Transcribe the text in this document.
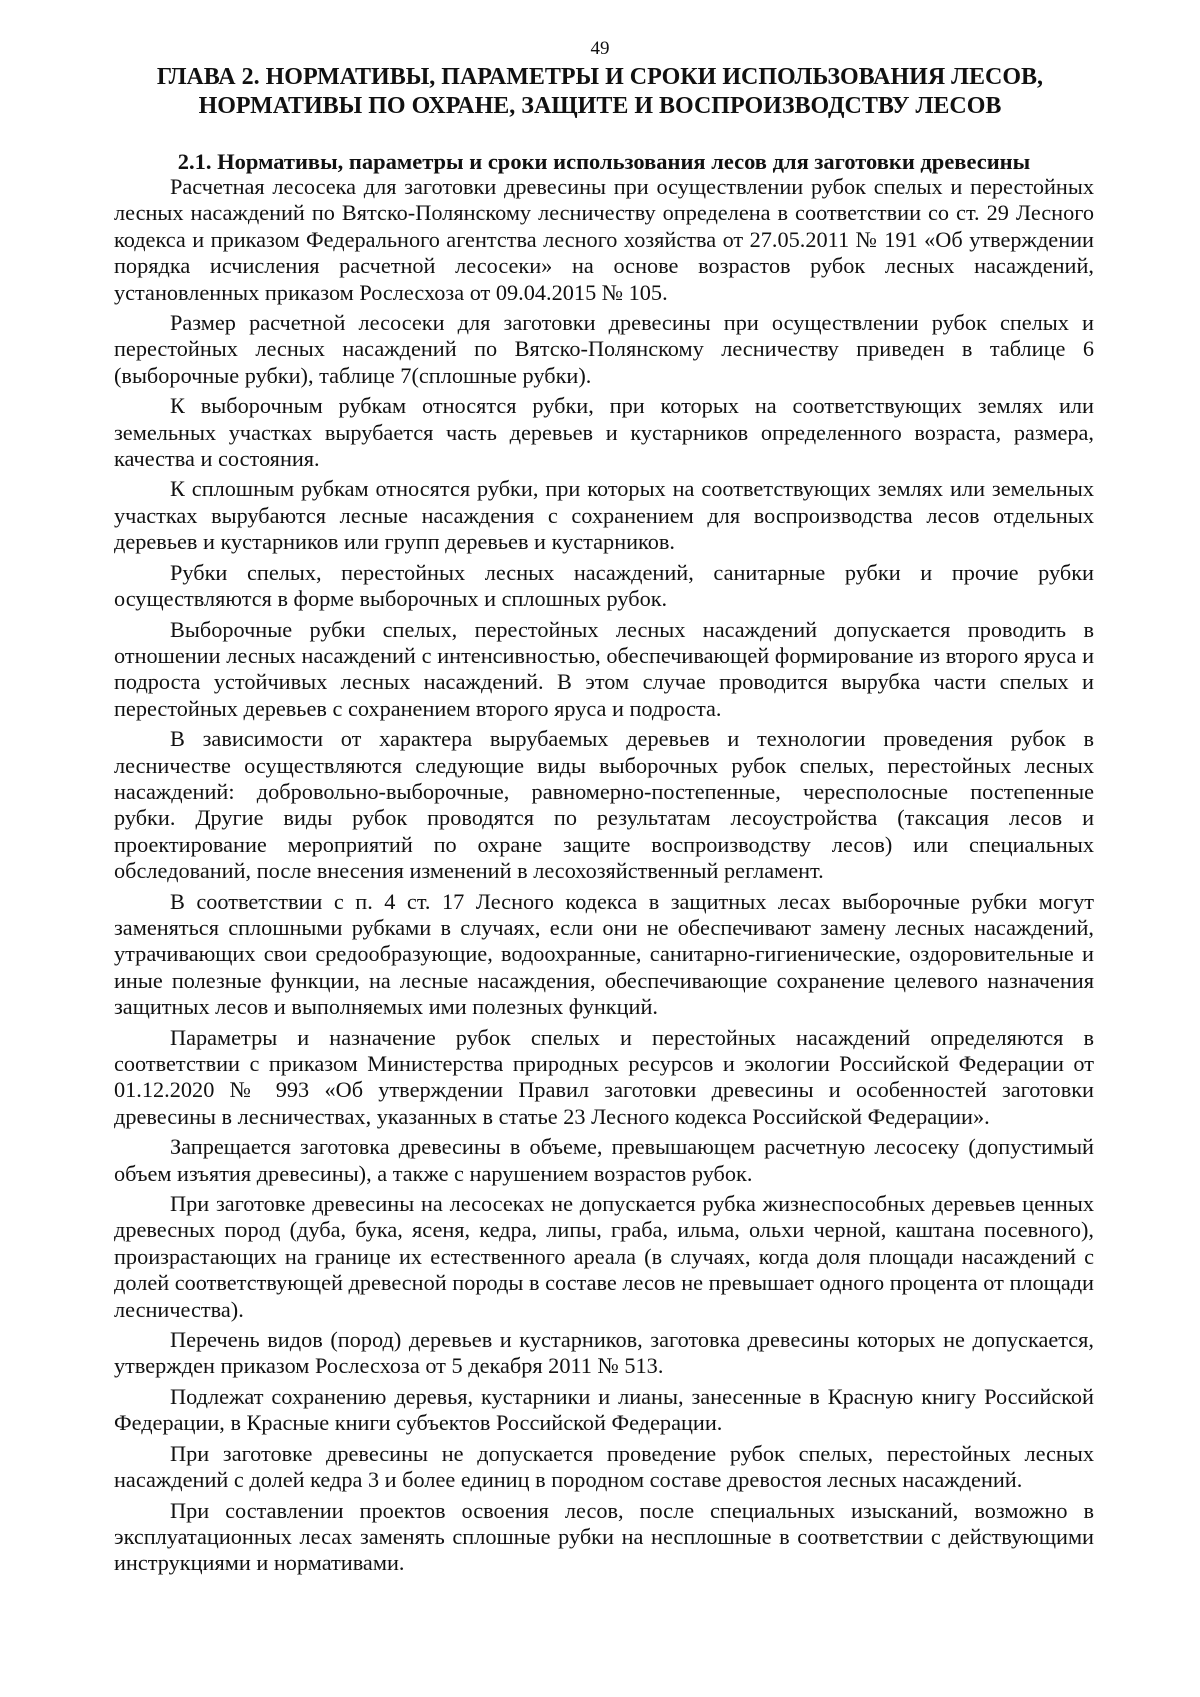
49
ГЛАВА 2. НОРМАТИВЫ, ПАРАМЕТРЫ И СРОКИ ИСПОЛЬЗОВАНИЯ ЛЕСОВ,
НОРМАТИВЫ ПО ОХРАНЕ, ЗАЩИТЕ И ВОСПРОИЗВОДСТВУ ЛЕСОВ
2.1. Нормативы, параметры и сроки использования лесов для заготовки древесины

Расчетная лесосека для заготовки древесины при осуществлении рубок спелых и перестойных лесных насаждений по Вятско-Полянскому лесничеству определена в соответствии со ст. 29 Лесного кодекса и приказом Федерального агентства лесного хозяйства от 27.05.2011 № 191 «Об утверждении порядка исчисления расчетной лесосеки» на основе возрастов рубок лесных насаждений, установленных приказом Рослесхоза от 09.04.2015 № 105.

Размер расчетной лесосеки для заготовки древесины при осуществлении рубок спелых и перестойных лесных насаждений по Вятско-Полянскому лесничеству приведен в таблице 6 (выборочные рубки), таблице 7(сплошные рубки).

К выборочным рубкам относятся рубки, при которых на соответствующих землях или земельных участках вырубается часть деревьев и кустарников определенного возраста, размера, качества и состояния.

К сплошным рубкам относятся рубки, при которых на соответствующих землях или земельных участках вырубаются лесные насаждения с сохранением для воспроизводства лесов отдельных деревьев и кустарников или групп деревьев и кустарников.

Рубки спелых, перестойных лесных насаждений, санитарные рубки и прочие рубки осуществляются в форме выборочных и сплошных рубок.

Выборочные рубки спелых, перестойных лесных насаждений допускается проводить в отношении лесных насаждений с интенсивностью, обеспечивающей формирование из второго яруса и подроста устойчивых лесных насаждений. В этом случае проводится вырубка части спелых и перестойных деревьев с сохранением второго яруса и подроста.

В зависимости от характера вырубаемых деревьев и технологии проведения рубок в лесничестве осуществляются следующие виды выборочных рубок спелых, перестойных лесных насаждений: добровольно-выборочные, равномерно-постепенные, чересполосные постепенные рубки. Другие виды рубок проводятся по результатам лесоустройства (таксация лесов и проектирование мероприятий по охране защите воспроизводству лесов) или специальных обследований, после внесения изменений в лесохозяйственный регламент.

В соответствии с п. 4 ст. 17 Лесного кодекса в защитных лесах выборочные рубки могут заменяться сплошными рубками в случаях, если они не обеспечивают замену лесных насаждений, утрачивающих свои средообразующие, водоохранные, санитарно-гигиенические, оздоровительные и иные полезные функции, на лесные насаждения, обеспечивающие сохранение целевого назначения защитных лесов и выполняемых ими полезных функций.

Параметры и назначение рубок спелых и перестойных насаждений определяются в соответствии с приказом Министерства природных ресурсов и экологии Российской Федерации от 01.12.2020 № 993 «Об утверждении Правил заготовки древесины и особенностей заготовки древесины в лесничествах, указанных в статье 23 Лесного кодекса Российской Федерации».

Запрещается заготовка древесины в объеме, превышающем расчетную лесосеку (допустимый объем изъятия древесины), а также с нарушением возрастов рубок.

При заготовке древесины на лесосеках не допускается рубка жизнеспособных деревьев ценных древесных пород (дуба, бука, ясеня, кедра, липы, граба, ильма, ольхи черной, каштана посевного), произрастающих на границе их естественного ареала (в случаях, когда доля площади насаждений с долей соответствующей древесной породы в составе лесов не превышает одного процента от площади лесничества).

Перечень видов (пород) деревьев и кустарников, заготовка древесины которых не допускается, утвержден приказом Рослесхоза от 5 декабря 2011 № 513.

Подлежат сохранению деревья, кустарники и лианы, занесенные в Красную книгу Российской Федерации, в Красные книги субъектов Российской Федерации.

При заготовке древесины не допускается проведение рубок спелых, перестойных лесных насаждений с долей кедра 3 и более единиц в породном составе древостоя лесных насаждений.

При составлении проектов освоения лесов, после специальных изысканий, возможно в эксплуатационных лесах заменять сплошные рубки на несплошные в соответствии с действующими инструкциями и нормативами.
